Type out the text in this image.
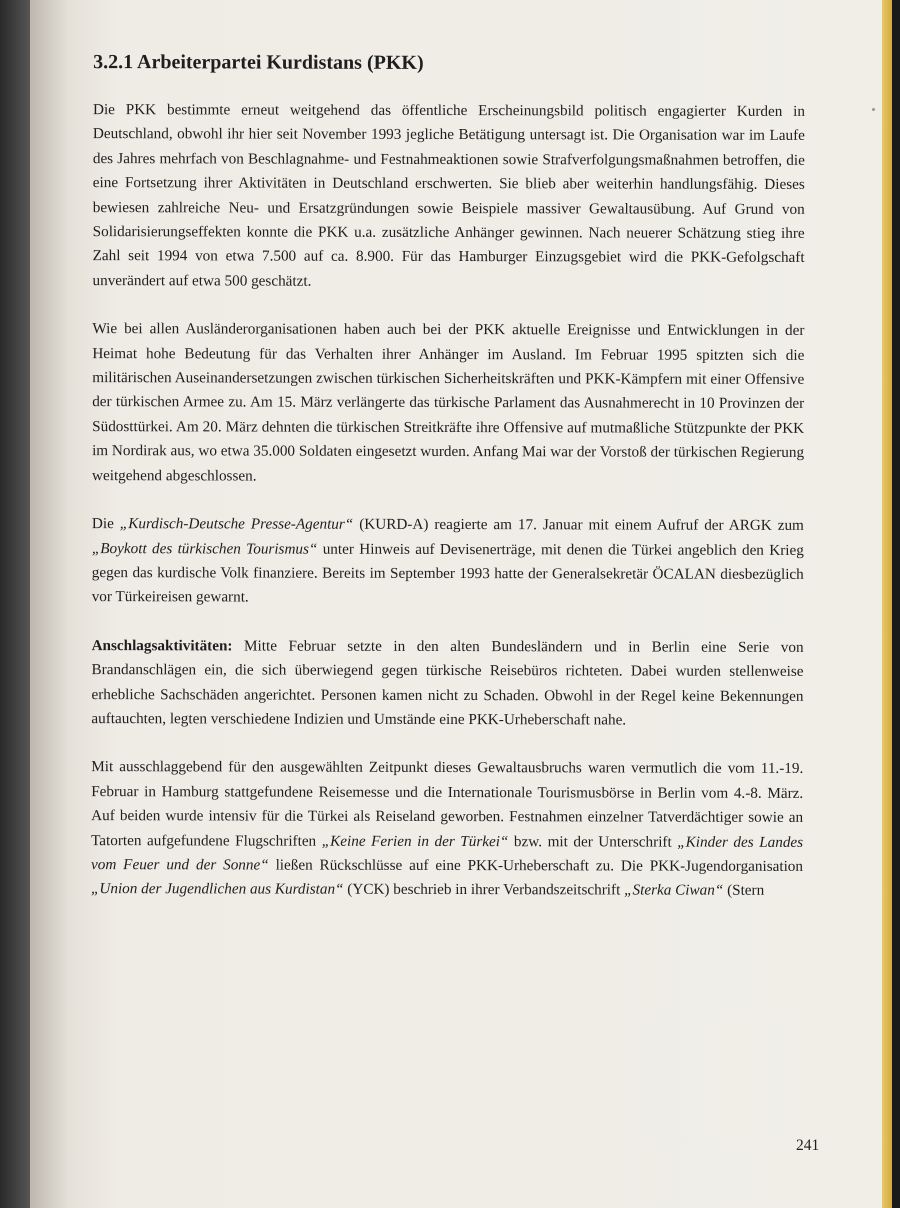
3.2.1 Arbeiterpartei Kurdistans (PKK)

Die PKK bestimmte erneut weitgehend das öffentliche Erscheinungsbild politisch engagierter Kurden in Deutschland, obwohl ihr hier seit November 1993 jegliche Betätigung untersagt ist. Die Organisation war im Laufe des Jahres mehrfach von Beschlagnahme- und Festnahmeaktionen sowie Strafverfolgungsmaßnahmen betroffen, die eine Fortsetzung ihrer Aktivitäten in Deutschland erschwerten. Sie blieb aber weiterhin handlungsfähig. Dieses bewiesen zahlreiche Neu- und Ersatzgründungen sowie Beispiele massiver Gewaltausübung. Auf Grund von Solidarisierungseffekten konnte die PKK u.a. zusätzliche Anhänger gewinnen. Nach neuerer Schätzung stieg ihre Zahl seit 1994 von etwa 7.500 auf ca. 8.900. Für das Hamburger Einzugsgebiet wird die PKK-Gefolgschaft unverändert auf etwa 500 geschätzt.

Wie bei allen Ausländerorganisationen haben auch bei der PKK aktuelle Ereignisse und Entwicklungen in der Heimat hohe Bedeutung für das Verhalten ihrer Anhänger im Ausland. Im Februar 1995 spitzten sich die militärischen Auseinandersetzungen zwischen türkischen Sicherheitskräften und PKK-Kämpfern mit einer Offensive der türkischen Armee zu. Am 15. März verlängerte das türkische Parlament das Ausnahmerecht in 10 Provinzen der Südosttürkei. Am 20. März dehnten die türkischen Streitkräfte ihre Offensive auf mutmaßliche Stützpunkte der PKK im Nordirak aus, wo etwa 35.000 Soldaten eingesetzt wurden. Anfang Mai war der Vorstoß der türkischen Regierung weitgehend abgeschlossen.

Die „Kurdisch-Deutsche Presse-Agentur“ (KURD-A) reagierte am 17. Januar mit einem Aufruf der ARGK zum „Boykott des türkischen Tourismus“ unter Hinweis auf Devisenerträge, mit denen die Türkei angeblich den Krieg gegen das kurdische Volk finanziere. Bereits im September 1993 hatte der Generalsekretär ÖCALAN diesbezüglich vor Türkeireisen gewarnt.

Anschlagsaktivitäten: Mitte Februar setzte in den alten Bundesländern und in Berlin eine Serie von Brandanschlägen ein, die sich überwiegend gegen türkische Reisebüros richteten. Dabei wurden stellenweise erhebliche Sachschäden angerichtet. Personen kamen nicht zu Schaden. Obwohl in der Regel keine Bekennungen auftauchten, legten verschiedene Indizien und Umstände eine PKK-Urheberschaft nahe.

Mit ausschlaggebend für den ausgewählten Zeitpunkt dieses Gewaltausbruchs waren vermutlich die vom 11.-19. Februar in Hamburg stattgefundene Reisemesse und die Internationale Tourismusbörse in Berlin vom 4.-8. März. Auf beiden wurde intensiv für die Türkei als Reiseland geworben. Festnahmen einzelner Tatverdächtiger sowie an Tatorten aufgefundene Flugschriften „Keine Ferien in der Türkei“ bzw. mit der Unterschrift „Kinder des Landes vom Feuer und der Sonne“ ließen Rückschlüsse auf eine PKK-Urheberschaft zu. Die PKK-Jugendorganisation „Union der Jugendlichen aus Kurdistan“ (YCK) beschrieb in ihrer Verbandszeitschrift „Sterka Ciwan“ (Stern

241
